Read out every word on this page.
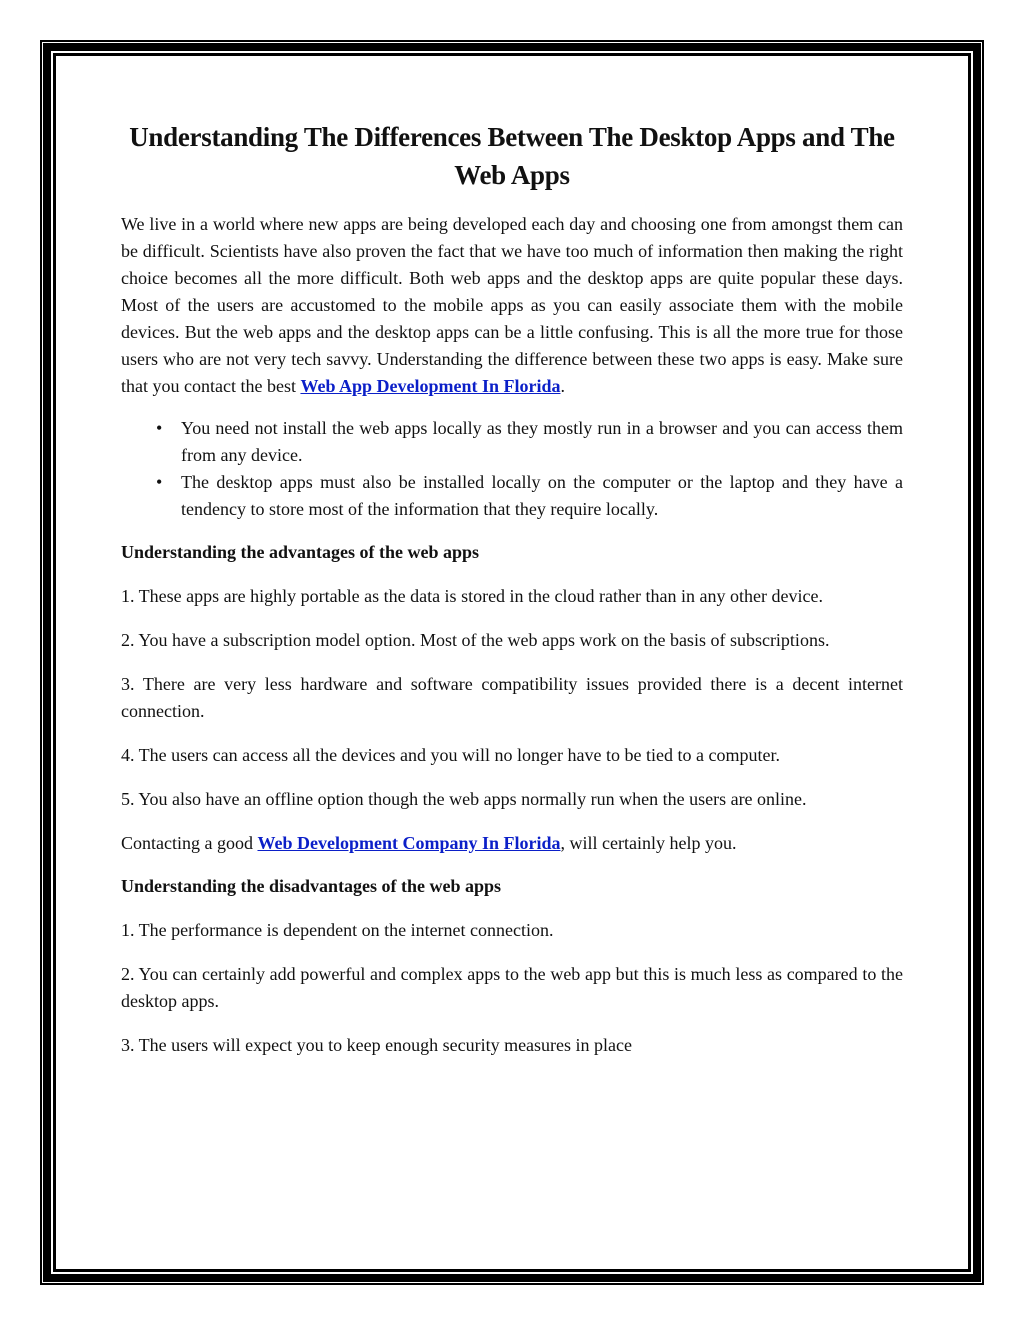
Understanding The Differences Between The Desktop Apps and The Web Apps

We live in a world where new apps are being developed each day and choosing one from amongst them can be difficult. Scientists have also proven the fact that we have too much of information then making the right choice becomes all the more difficult. Both web apps and the desktop apps are quite popular these days. Most of the users are accustomed to the mobile apps as you can easily associate them with the mobile devices. But the web apps and the desktop apps can be a little confusing. This is all the more true for those users who are not very tech savvy. Understanding the difference between these two apps is easy. Make sure that you contact the best Web App Development In Florida.

• You need not install the web apps locally as they mostly run in a browser and you can access them from any device.
• The desktop apps must also be installed locally on the computer or the laptop and they have a tendency to store most of the information that they require locally.
Understanding the advantages of the web apps

1. These apps are highly portable as the data is stored in the cloud rather than in any other device.

2. You have a subscription model option. Most of the web apps work on the basis of subscriptions.

3. There are very less hardware and software compatibility issues provided there is a decent internet connection.

4. The users can access all the devices and you will no longer have to be tied to a computer.

5. You also have an offline option though the web apps normally run when the users are online.

Contacting a good Web Development Company In Florida, will certainly help you.

Understanding the disadvantages of the web apps

1. The performance is dependent on the internet connection.

2. You can certainly add powerful and complex apps to the web app but this is much less as compared to the desktop apps.

3. The users will expect you to keep enough security measures in place
